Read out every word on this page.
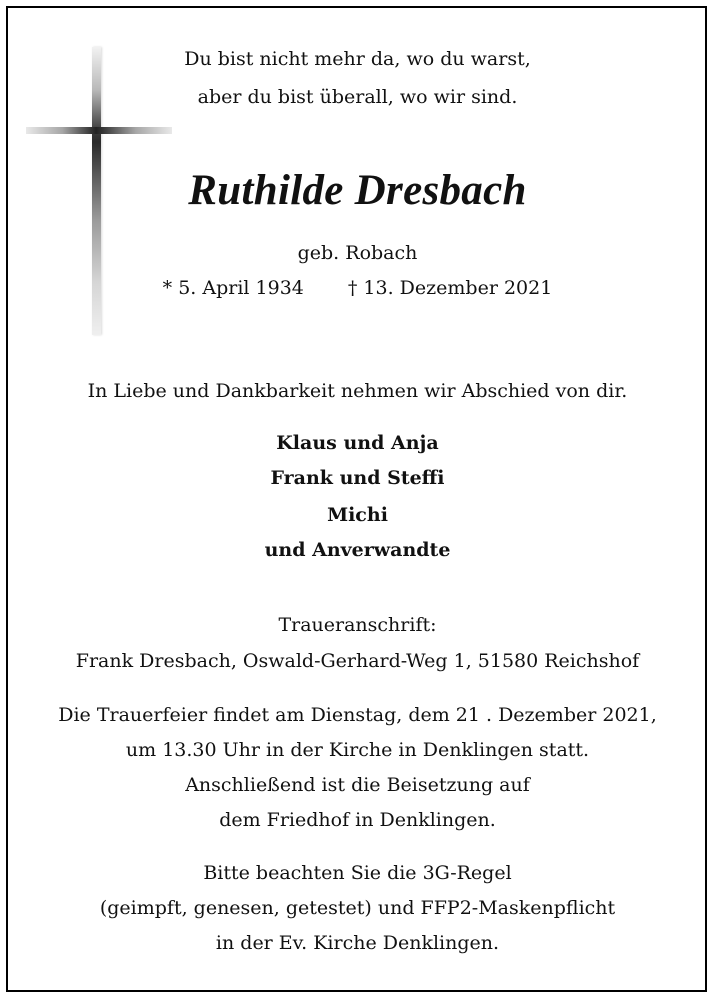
Du bist nicht mehr da, wo du warst,
aber du bist überall, wo wir sind.
Ruthilde Dresbach
geb. Robach
* 5. April 1934 † 13. Dezember 2021
In Liebe und Dankbarkeit nehmen wir Abschied von dir.
Klaus und Anja
Frank und Steffi
Michi
und Anverwandte
Traueranschrift:
Frank Dresbach, Oswald-Gerhard-Weg 1, 51580 Reichshof
Die Trauerfeier findet am Dienstag, dem 21 . Dezember 2021,
um 13.30 Uhr in der Kirche in Denklingen statt.
Anschließend ist die Beisetzung auf
dem Friedhof in Denklingen.
Bitte beachten Sie die 3G-Regel
(geimpft, genesen, getestet) und FFP2-Maskenpflicht
in der Ev. Kirche Denklingen.
